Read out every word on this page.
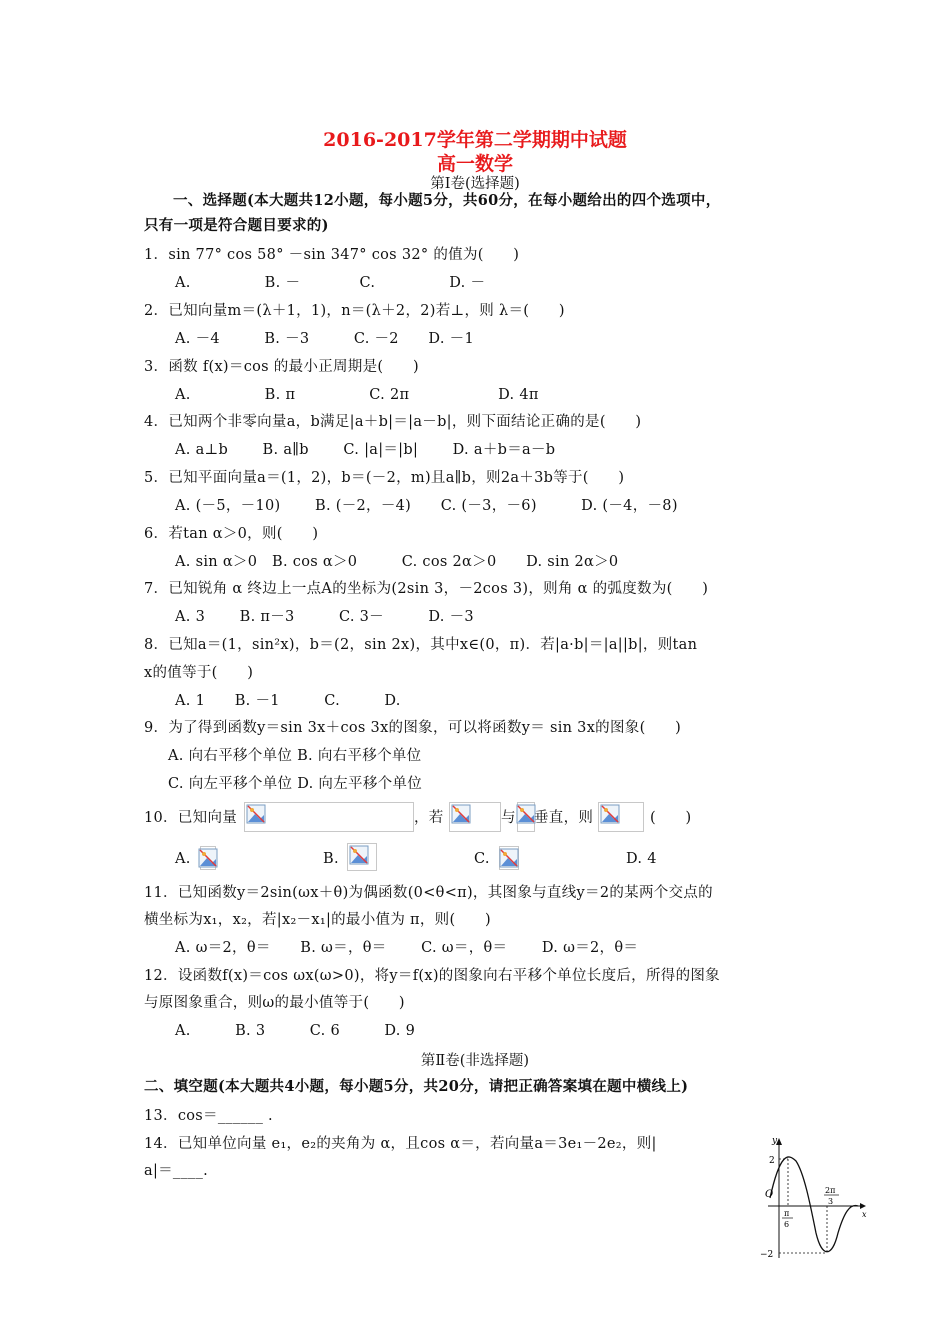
2016-2017学年第二学期期中试题
高一数学
第Ⅰ卷(选择题)
一、选择题(本大题共12小题，每小题5分，共60分，在每小题给出的四个选项中，
只有一项是符合题目要求的)
1．sin 77° cos 58° －sin 347° cos 32° 的值为(　　)
A.　　　　　B. －　　　　C.　　　　　D. －
2．已知向量m＝(λ＋1，1)，n＝(λ＋2，2)若⊥，则 λ＝(　　)
A. －4　　　B. －3　　　C. －2　　D. －1
3．函数 f(x)＝cos 的最小正周期是(　　)
A.　　　　　B. π　　　　　C. 2π　　　　　　D. 4π
4．已知两个非零向量a，b满足|a＋b|＝|a－b|，则下面结论正确的是(　　)
A. a⊥b　　 B. a∥b　　 C. |a|＝|b|　　 D. a＋b＝a－b
5．已知平面向量a＝(1，2)，b＝(－2，m)且a∥b，则2a＋3b等于(　　)
A. (－5，－10)　　 B. (－2，－4)　　C. (－3，－6)　　　D. (－4，－8)
6．若tan α＞0，则(　　)
A. sin α＞0　B. cos α＞0　　　C. cos 2α＞0　　D. sin 2α＞0
7．已知锐角 α 终边上一点A的坐标为(2sin 3，－2cos 3)，则角 α 的弧度数为(　　)
A. 3　　 B. π－3　　　C. 3－　　　D. －3
8．已知a＝(1，sin²x)，b＝(2，sin 2x)，其中x∈(0，π)．若|a·b|＝|a||b|，则tan
x的值等于(　　)
A. 1　　B. －1　　　C.　　　D.
9．为了得到函数y＝sin 3x＋cos 3x的图象，可以将函数y＝ sin 3x的图象(　　)
A. 向右平移个单位 B. 向右平移个单位
C. 向左平移个单位 D. 向左平移个单位
10．已知向量	，若	与 垂直，则	(　　)
A.	B.	C.	D. 4
11．已知函数y＝2sin(ωx＋θ)为偶函数(0<θ<π)，其图象与直线y＝2的某两个交点的
横坐标为x₁，x₂，若|x₂－x₁|的最小值为 π，则(　　)
A. ω＝2，θ＝　　B. ω＝，θ＝　　 C. ω＝，θ＝　　 D. ω＝2，θ＝
12．设函数f(x)＝cos ωx(ω>0)，将y＝f(x)的图象向右平移个单位长度后，所得的图象
与原图象重合，则ω的最小值等于(　　)
A.　　　B. 3　　　C. 6　　　D. 9
第Ⅱ卷(非选择题)
二、填空题(本大题共4小题，每小题5分，共20分，请把正确答案填在题中横线上)
13．cos＝______ .
14．已知单位向量 e₁，e₂的夹角为 α，且cos α＝，若向量a＝3e₁－2e₂，则|
a|＝____.
y
x
O
2
−2
π
6
2π
3
